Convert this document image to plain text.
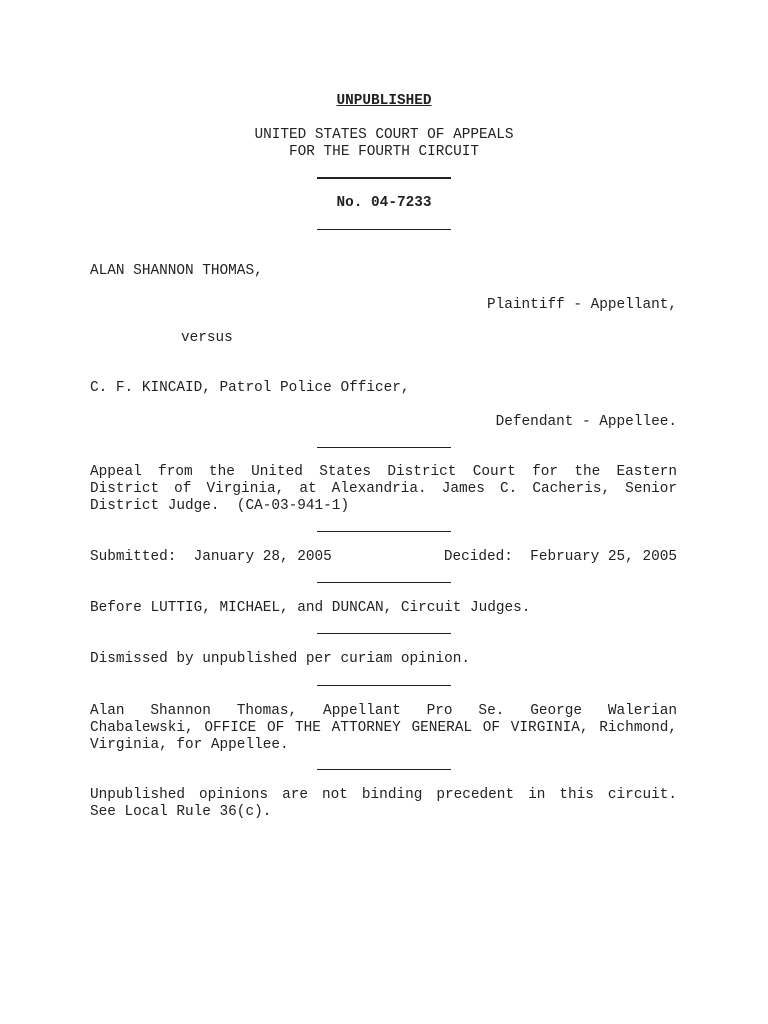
UNPUBLISHED
UNITED STATES COURT OF APPEALS
FOR THE FOURTH CIRCUIT
No. 04-7233
ALAN SHANNON THOMAS,
Plaintiff - Appellant,
versus
C. F. KINCAID, Patrol Police Officer,
Defendant - Appellee.
Appeal from the United States District Court for the Eastern
District of Virginia, at Alexandria. James C. Cacheris, Senior
District Judge.  (CA-03-941-1)
Submitted:  January 28, 2005	Decided:  February 25, 2005
Before LUTTIG, MICHAEL, and DUNCAN, Circuit Judges.
Dismissed by unpublished per curiam opinion.
Alan Shannon Thomas, Appellant Pro Se. George Walerian
Chabalewski, OFFICE OF THE ATTORNEY GENERAL OF VIRGINIA, Richmond,
Virginia, for Appellee.
Unpublished opinions are not binding precedent in this circuit.
See Local Rule 36(c).
